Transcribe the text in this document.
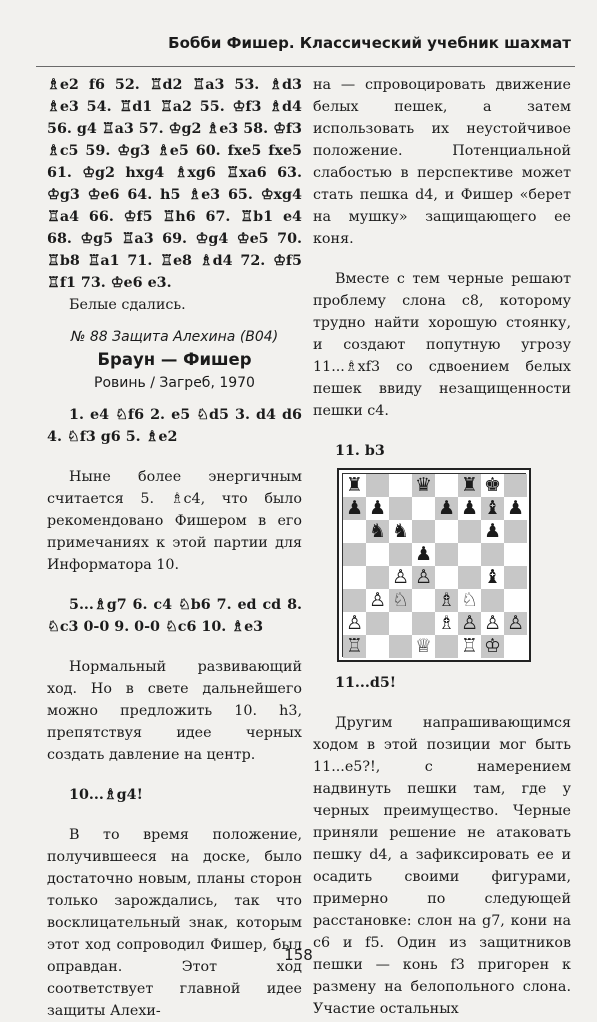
Бобби Фишер. Классический учебник шахмат

♗e2 f6 52. ♖d2 ♖a3 53. ♗d3 ♗e3 54. ♖d1 ♖a2 55. ♔f3 ♗d4 56. g4 ♖a3 57. ♔g2 ♗e3 58. ♔f3 ♗c5 59. ♔g3 ♗e5 60. fxe5 fxe5 61. ♔g2 hxg4 ♗xg6 ♖xa6 63. ♔g3 ♔e6 64. h5 ♗e3 65. ♔xg4 ♖a4 66. ♔f5 ♖h6 67. ♖b1 e4 68. ♔g5 ♖a3 69. ♔g4 ♔e5 70. ♖b8 ♖a1 71. ♖e8 ♗d4 72. ♔f5 ♖f1 73. ♔e6 e3.

Белые сдались.

№ 88 Защита Алехина (B04)
Браун — Фишер
Ровинь / Загреб, 1970

1. e4 ♘f6 2. e5 ♘d5 3. d4 d6 4. ♘f3 g6 5. ♗e2

Ныне более энергичным считается 5. ♗c4, что было рекомендовано Фишером в его примечаниях к этой партии для Информатора 10.

5...♗g7 6. c4 ♘b6 7. ed cd 8. ♘c3 0-0 9. 0-0 ♘c6 10. ♗e3

Нормальный развивающий ход. Но в свете дальнейшего можно предложить 10. h3, препятствуя идее черных создать давление на центр.

10...♗g4!

В то время положение, получившееся на доске, было достаточно новым, планы сторон только зарождались, так что восклицательный знак, которым этот ход сопроводил Фишер, был оправдан. Этот ход соответствует главной идее защиты Алехи-

на — спровоцировать движение белых пешек, а затем использовать их неустойчивое положение. Потенциальной слабостью в перспективе может стать пешка d4, и Фишер «берет на мушку» защищающего ее коня.

Вместе с тем черные решают проблему слона c8, которому трудно найти хорошую стоянку, и создают попутную угрозу 11...♗xf3 со сдвоением белых пешек ввиду незащищенности пешки c4.

11. b3

♜	♛ ♜ ♚
♟ ♟	♟ ♟ ♝ ♟
♞ ♞	♟
♟
♙ ♙	♝
♙ ♘ ♗ ♘
♙	♗ ♙ ♙ ♙
♖	♕ ♖ ♔

11...d5!

Другим напрашивающимся ходом в этой позиции мог быть 11...e5?!, с намерением надвинуть пешки там, где у черных преимущество. Черные приняли решение не атаковать пешку d4, а зафиксировать ее и осадить своими фигурами, примерно по следующей расстановке: слон на g7, кони на c6 и f5. Один из защитников пешки — конь f3 пригорен к размену на белопольного слона. Участие остальных

158
